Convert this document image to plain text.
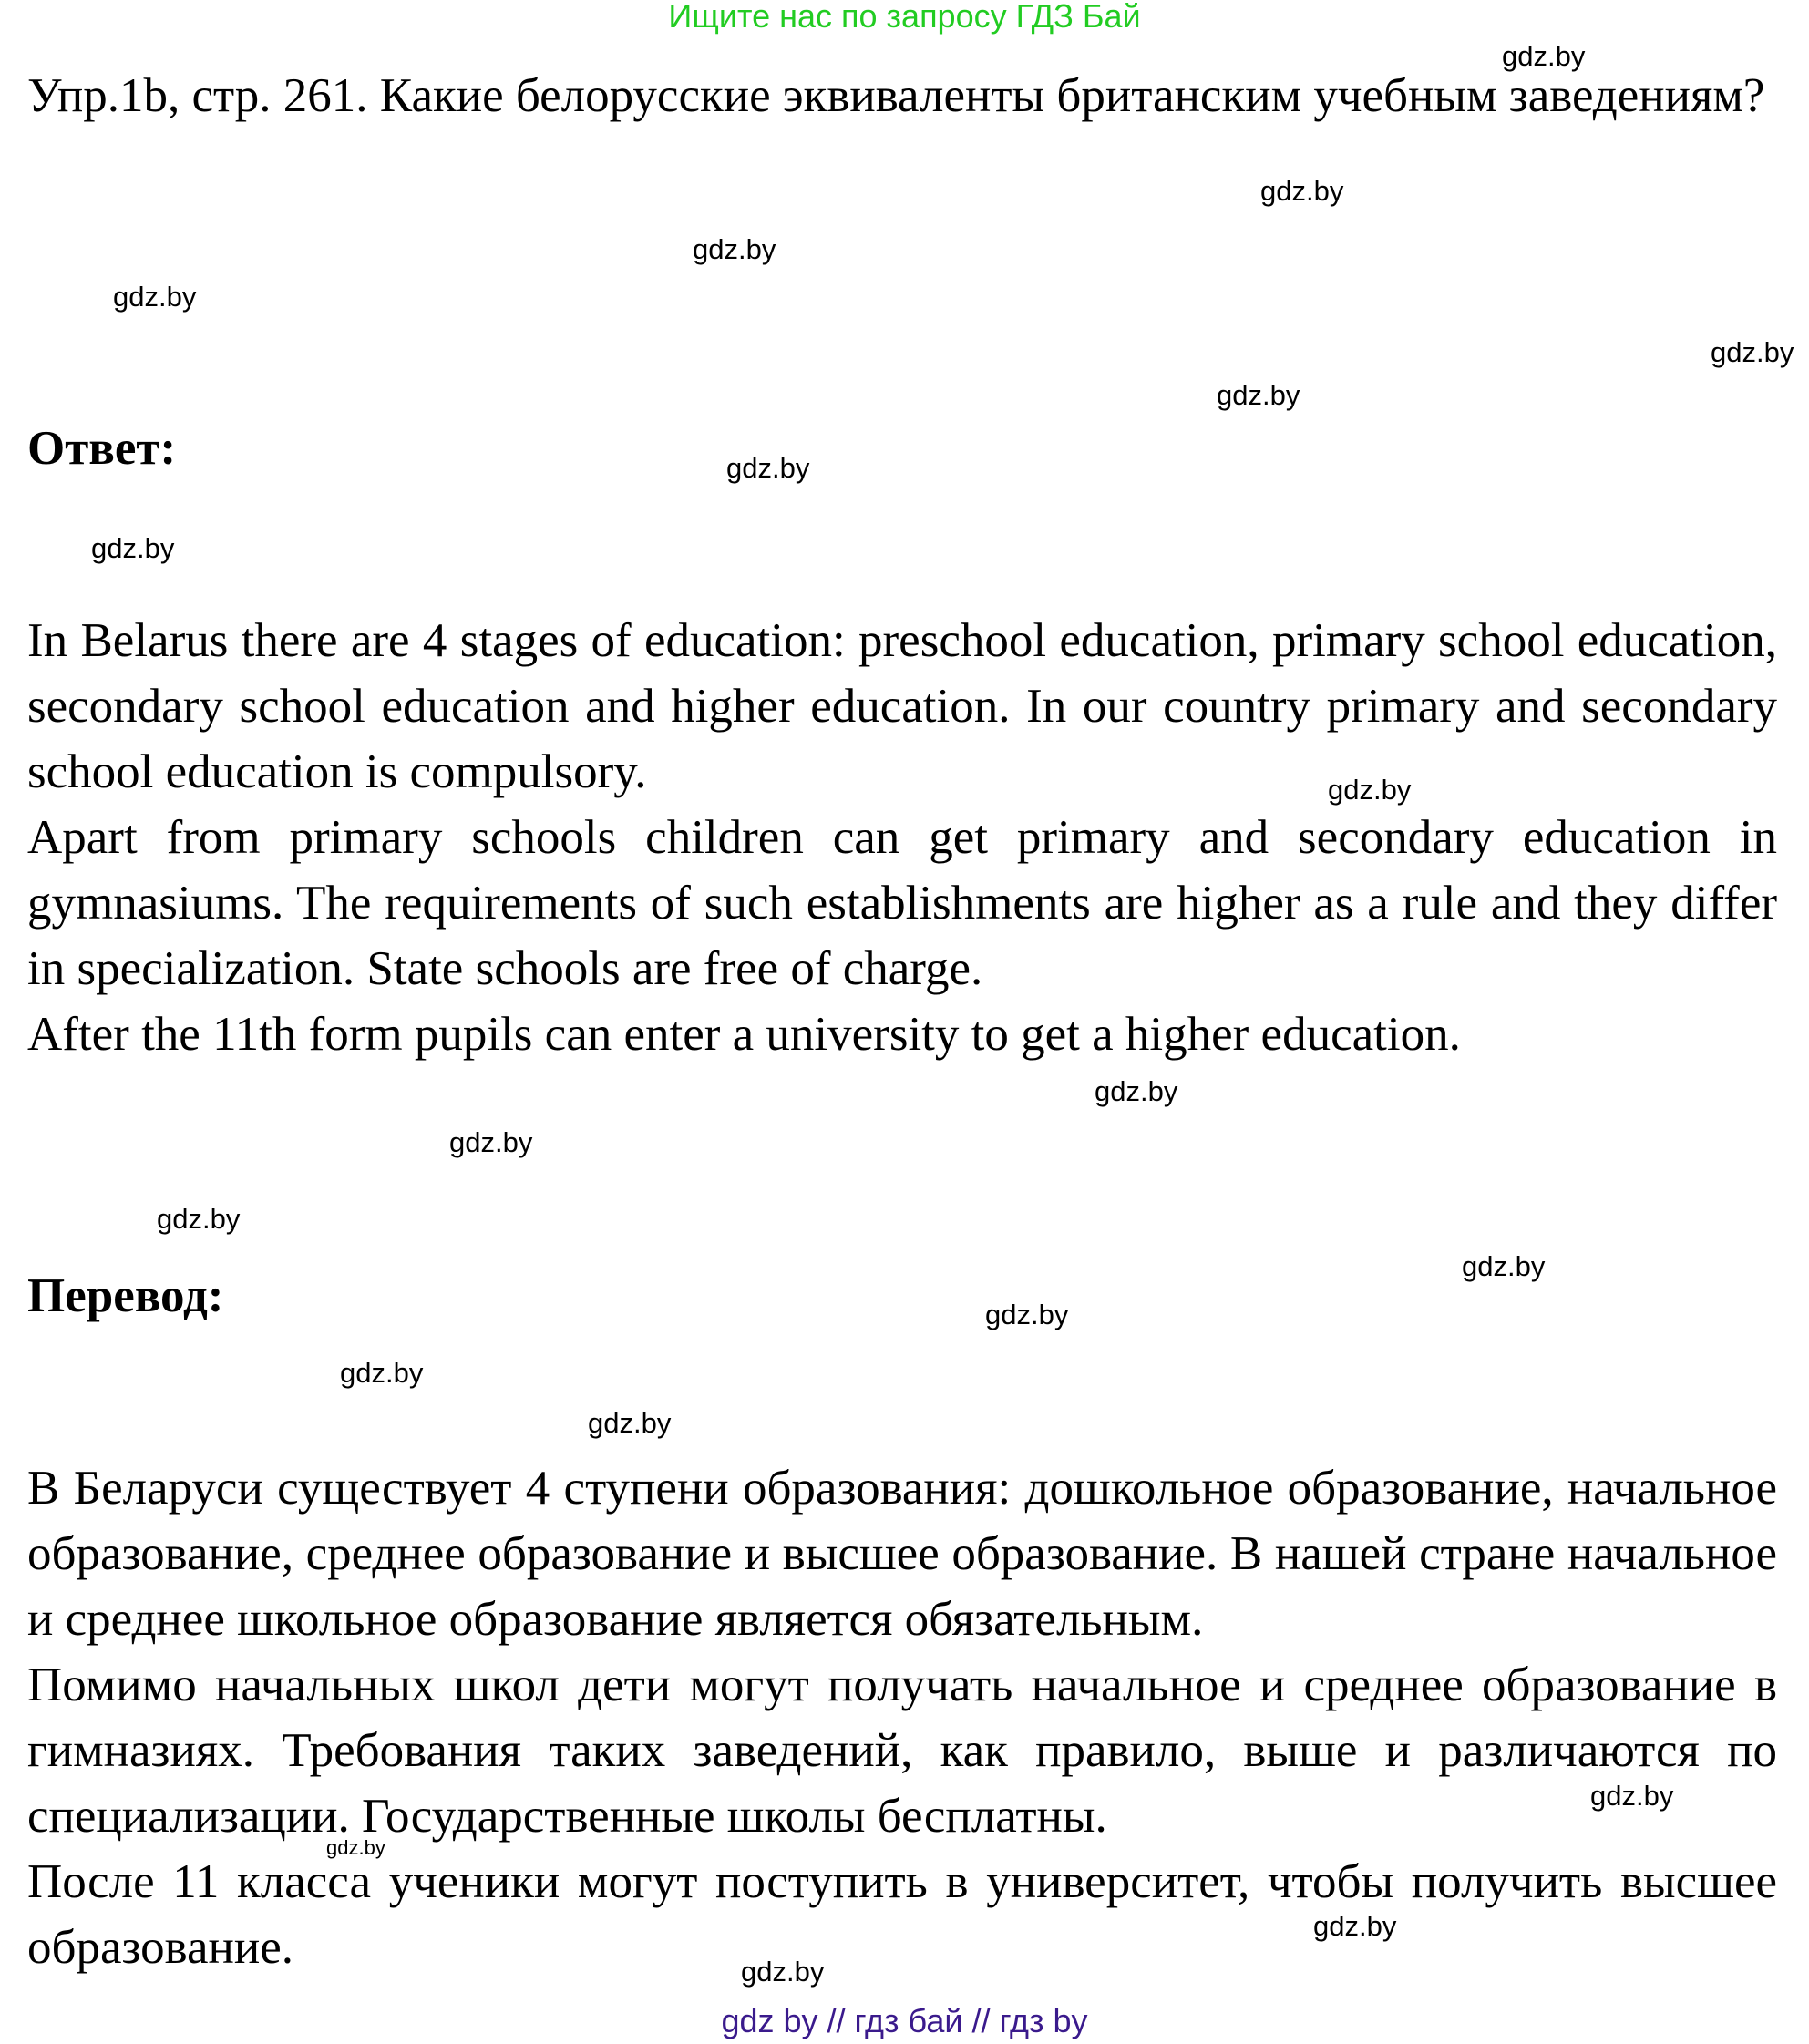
Ищите нас по запросу ГДЗ Бай
Упр.1b, стр. 261. Какие белорусские эквиваленты британским учебным заведениям?
Ответ:

In Belarus there are 4 stages of education: preschool education, primary school education, secondary school education and higher education. In our country primary and secondary school education is compulsory.

Apart from primary schools children can get primary and secondary education in gymnasiums. The requirements of such establishments are higher as a rule and they differ in specialization. State schools are free of charge.

After the 11th form pupils can enter a university to get a higher education.

Перевод:

В Беларуси существует 4 ступени образования: дошкольное образование, начальное образование, среднее образование и высшее образование. В нашей стране начальное и среднее школьное образование является обязательным.

Помимо начальных школ дети могут получать начальное и среднее образование в гимназиях. Требования таких заведений, как правило, выше и различаются по специализации. Государственные школы бесплатны.

После 11 класса ученики могут поступить в университет, чтобы получить высшее образование.

gdz.by
gdz.by
gdz.by
gdz.by
gdz.by
gdz.by
gdz.by
gdz.by
gdz.by
gdz.by
gdz.by
gdz.by
gdz.by
gdz.by
gdz.by
gdz.by
gdz.by
gdz.by
gdz.by
gdz.by
gdz by // гдз бай // гдз by
